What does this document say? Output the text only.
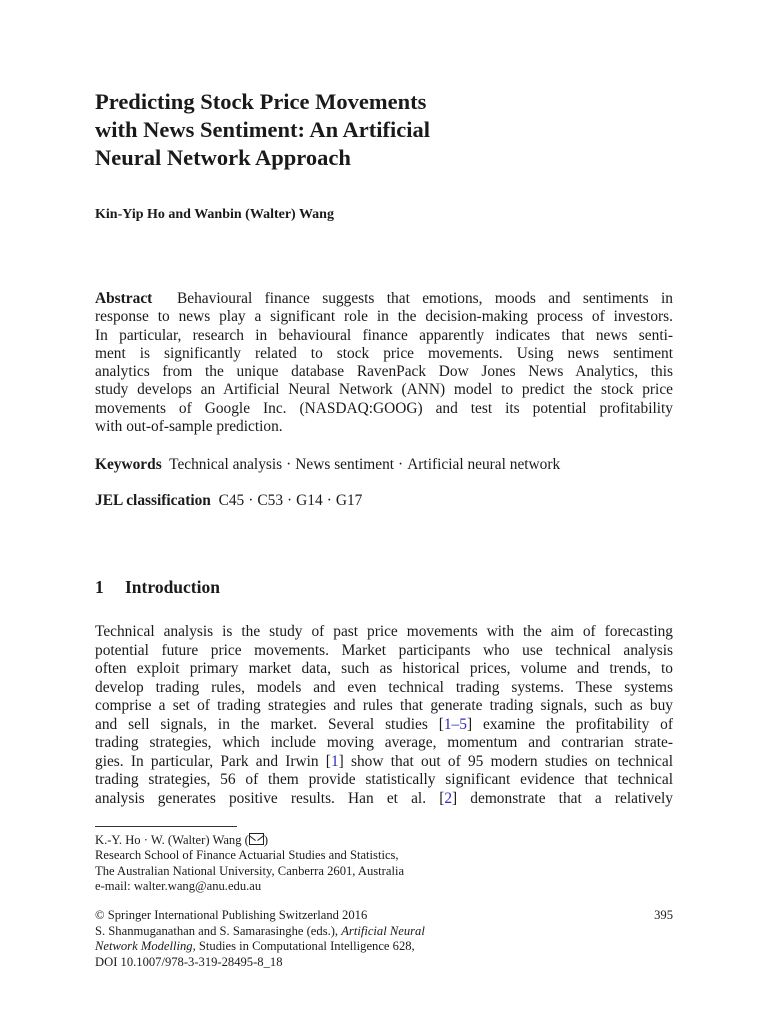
Predicting Stock Price Movements
with News Sentiment: An Artificial
Neural Network Approach
Kin-Yip Ho and Wanbin (Walter) Wang

Abstract Behavioural finance suggests that emotions, moods and sentiments in
response to news play a significant role in the decision-making process of investors.
In particular, research in behavioural finance apparently indicates that news senti-
ment is significantly related to stock price movements. Using news sentiment
analytics from the unique database RavenPack Dow Jones News Analytics, this
study develops an Artificial Neural Network (ANN) model to predict the stock price
movements of Google Inc. (NASDAQ:GOOG) and test its potential profitability
with out-of-sample prediction.

Keywords Technical analysis · News sentiment · Artificial neural network
JEL classification C45 · C53 · G14 · G17
1 Introduction

Technical analysis is the study of past price movements with the aim of forecasting
potential future price movements. Market participants who use technical analysis
often exploit primary market data, such as historical prices, volume and trends, to
develop trading rules, models and even technical trading systems. These systems
comprise a set of trading strategies and rules that generate trading signals, such as buy
and sell signals, in the market. Several studies [1–5] examine the profitability of
trading strategies, which include moving average, momentum and contrarian strate-
gies. In particular, Park and Irwin [1] show that out of 95 modern studies on technical
trading strategies, 56 of them provide statistically significant evidence that technical
analysis generates positive results. Han et al. [2] demonstrate that a relatively

K.-Y. Ho · W. (Walter) Wang ( )
Research School of Finance Actuarial Studies and Statistics,
The Australian National University, Canberra 2601, Australia
e-mail: walter.wang@anu.edu.au
© Springer International Publishing Switzerland 2016
S. Shanmuganathan and S. Samarasinghe (eds.), Artificial Neural
Network Modelling, Studies in Computational Intelligence 628,
DOI 10.1007/978-3-319-28495-8_18
395
